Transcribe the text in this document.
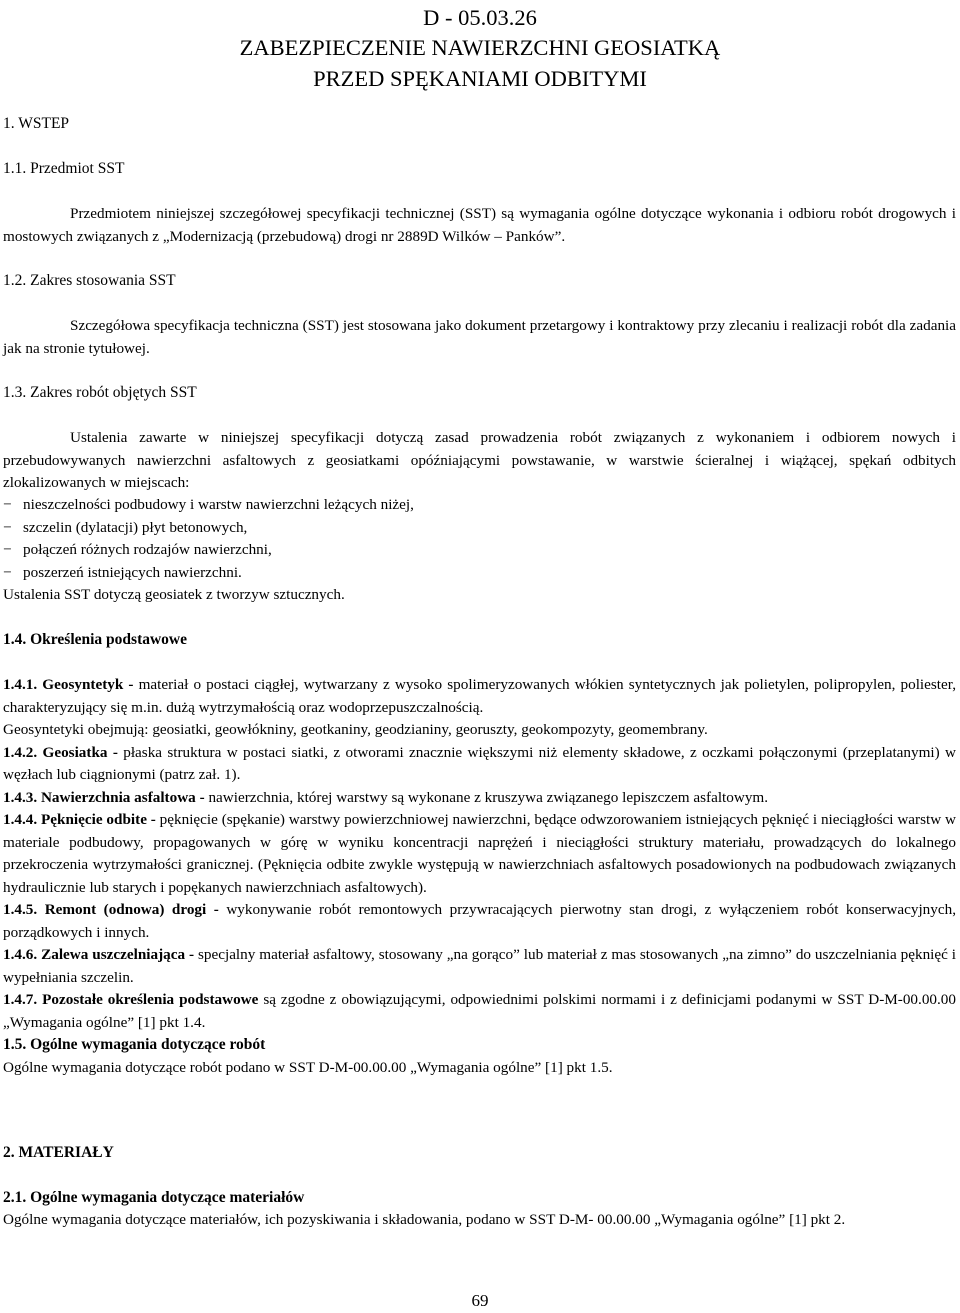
D - 05.03.26
ZABEZPIECZENIE NAWIERZCHNI GEOSIATKĄ
PRZED SPĘKANIAMI ODBITYMI
1. WSTEP
1.1. Przedmiot SST

Przedmiotem niniejszej szczegółowej specyfikacji technicznej (SST) są wymagania ogólne dotyczące wykonania i odbioru robót drogowych i mostowych związanych z „Modernizacją (przebudową) drogi nr 2889D Wilków ‒ Panków”.

1.2. Zakres stosowania SST

Szczegółowa specyfikacja techniczna (SST) jest stosowana jako dokument przetargowy i kontraktowy przy zlecaniu i realizacji robót dla zadania jak na stronie tytułowej.

1.3. Zakres robót objętych SST

Ustalenia zawarte w niniejszej specyfikacji dotyczą zasad prowadzenia robót związanych z wykonaniem i odbiorem nowych i przebudowywanych nawierzchni asfaltowych z geosiatkami opóźniającymi powstawanie, w warstwie ścieralnej i wiążącej, spękań odbitych zlokalizowanych w miejscach:

− nieszczelności podbudowy i warstw nawierzchni leżących niżej,
− szczelin (dylatacji) płyt betonowych,
− połączeń różnych rodzajów nawierzchni,
− poszerzeń istniejących nawierzchni.

Ustalenia SST dotyczą geosiatek z tworzyw sztucznych.

1.4. Określenia podstawowe

1.4.1. Geosyntetyk - materiał o postaci ciągłej, wytwarzany z wysoko spolimeryzowanych włókien syntetycznych jak polietylen, polipropylen, poliester, charakteryzujący się m.in. dużą wytrzymałością oraz wodoprzepuszczalnością.

Geosyntetyki obejmują: geosiatki, geowłókniny, geotkaniny, geodzianiny, georuszty, geokompozyty, geomembrany.

1.4.2. Geosiatka - płaska struktura w postaci siatki, z otworami znacznie większymi niż elementy składowe, z oczkami połączonymi (przeplatanymi) w węzłach lub ciągnionymi (patrz zał. 1).

1.4.3. Nawierzchnia asfaltowa - nawierzchnia, której warstwy są wykonane z kruszywa związanego lepiszczem asfaltowym.

1.4.4. Pęknięcie odbite - pęknięcie (spękanie) warstwy powierzchniowej nawierzchni, będące odwzorowaniem istniejących pęknięć i nieciągłości warstw w materiale podbudowy, propagowanych w górę w wyniku koncentracji naprężeń i nieciągłości struktury materiału, prowadzących do lokalnego przekroczenia wytrzymałości granicznej. (Pęknięcia odbite zwykle występują w nawierzchniach asfaltowych posadowionych na podbudowach związanych hydraulicznie lub starych i popękanych nawierzchniach asfaltowych).

1.4.5. Remont (odnowa) drogi - wykonywanie robót remontowych przywracających pierwotny stan drogi, z wyłączeniem robót konserwacyjnych, porządkowych i innych.

1.4.6. Zalewa uszczelniająca - specjalny materiał asfaltowy, stosowany „na gorąco” lub materiał z mas stosowanych „na zimno” do uszczelniania pęknięć i wypełniania szczelin.

1.4.7. Pozostałe określenia podstawowe są zgodne z obowiązującymi, odpowiednimi polskimi normami i z definicjami podanymi w SST D-M-00.00.00 „Wymagania ogólne” [1] pkt 1.4.

1.5. Ogólne wymagania dotyczące robót

Ogólne wymagania dotyczące robót podano w SST D-M-00.00.00 „Wymagania ogólne” [1] pkt 1.5.

2. MATERIAŁY
2.1. Ogólne wymagania dotyczące materiałów

Ogólne wymagania dotyczące materiałów, ich pozyskiwania i składowania, podano w SST D-M- 00.00.00 „Wymagania ogólne” [1] pkt 2.

69
